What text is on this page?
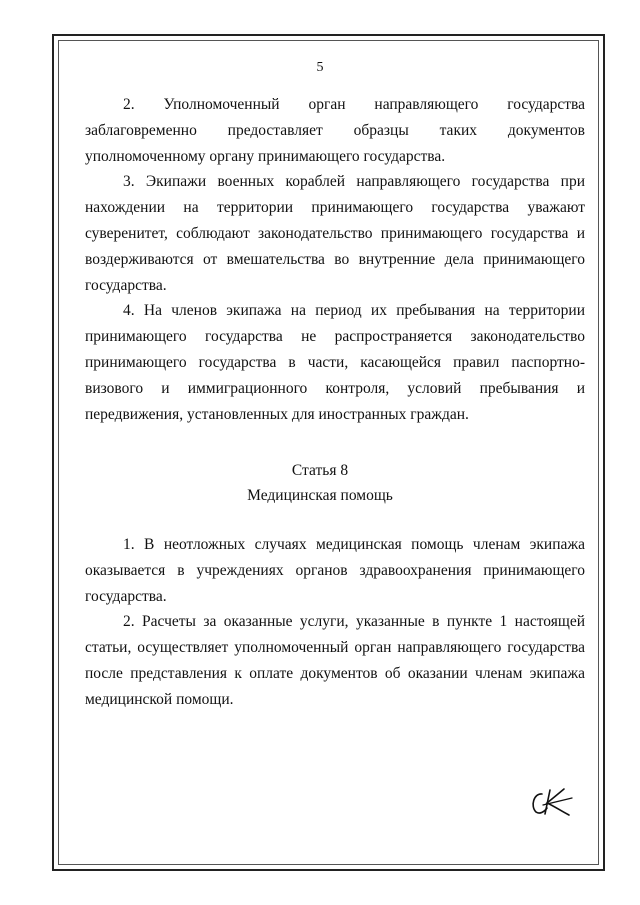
5

2. Уполномоченный орган направляющего государства заблаговременно предоставляет образцы таких документов уполномоченному органу принимающего государства.

3. Экипажи военных кораблей направляющего государства при нахождении на территории принимающего государства уважают суверенитет, соблюдают законодательство принимающего государства и воздерживаются от вмешательства во внутренние дела принимающего государства.

4. На членов экипажа на период их пребывания на территории принимающего государства не распространяется законодательство принимающего государства в части, касающейся правил паспортно-визового и иммиграционного контроля, условий пребывания и передвижения, установленных для иностранных граждан.

Статья 8
Медицинская помощь

1. В неотложных случаях медицинская помощь членам экипажа оказывается в учреждениях органов здравоохранения принимающего государства.

2. Расчеты за оказанные услуги, указанные в пункте 1 настоящей статьи, осуществляет уполномоченный орган направляющего государства после представления к оплате документов об оказании членам экипажа медицинской помощи.
